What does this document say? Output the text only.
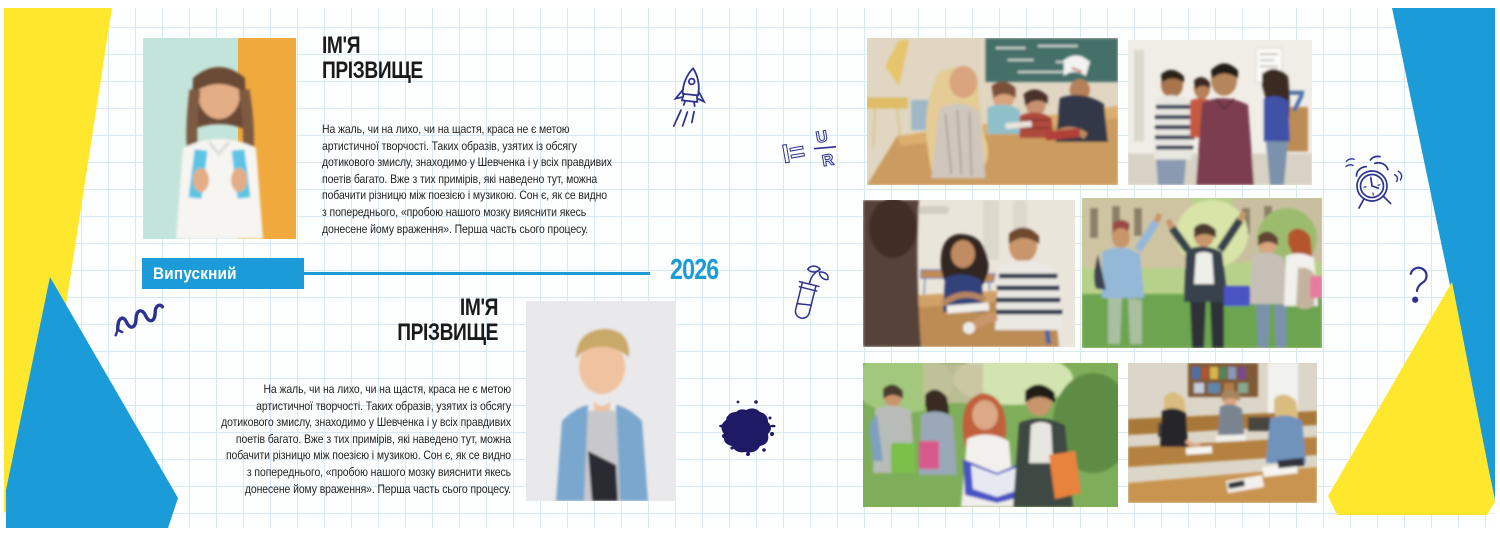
ІМ'Я
ПРІЗВИЩЕ
На жаль, чи на лихо, чи на щастя, краса не є метою артистичної творчості. Таких образів, узятих із обсягу дотикового змислу, знаходимо у Шевченка і у всіх правдивих поетів багато. Вже з тих примірів, які наведено тут, можна побачити різницю між поезією і музикою. Сон є, як се видно з попереднього, «пробою нашого мозку вияснити якесь донесене йому враження». Перша часть сього процесу.
Випускний	2026
ІМ'Я
ПРІЗВИЩЕ
На жаль, чи на лихо, чи на щастя, краса не є метою артистичної творчості. Таких образів, узятих із обсягу дотикового змислу, знаходимо у Шевченка і у всіх правдивих поетів багато. Вже з тих примірів, які наведено тут, можна побачити різницю між поезією і музикою. Сон є, як се видно з попереднього, «пробою нашого мозку вияснити якесь донесене йому враження». Перша часть сього процесу.
I= U
R
